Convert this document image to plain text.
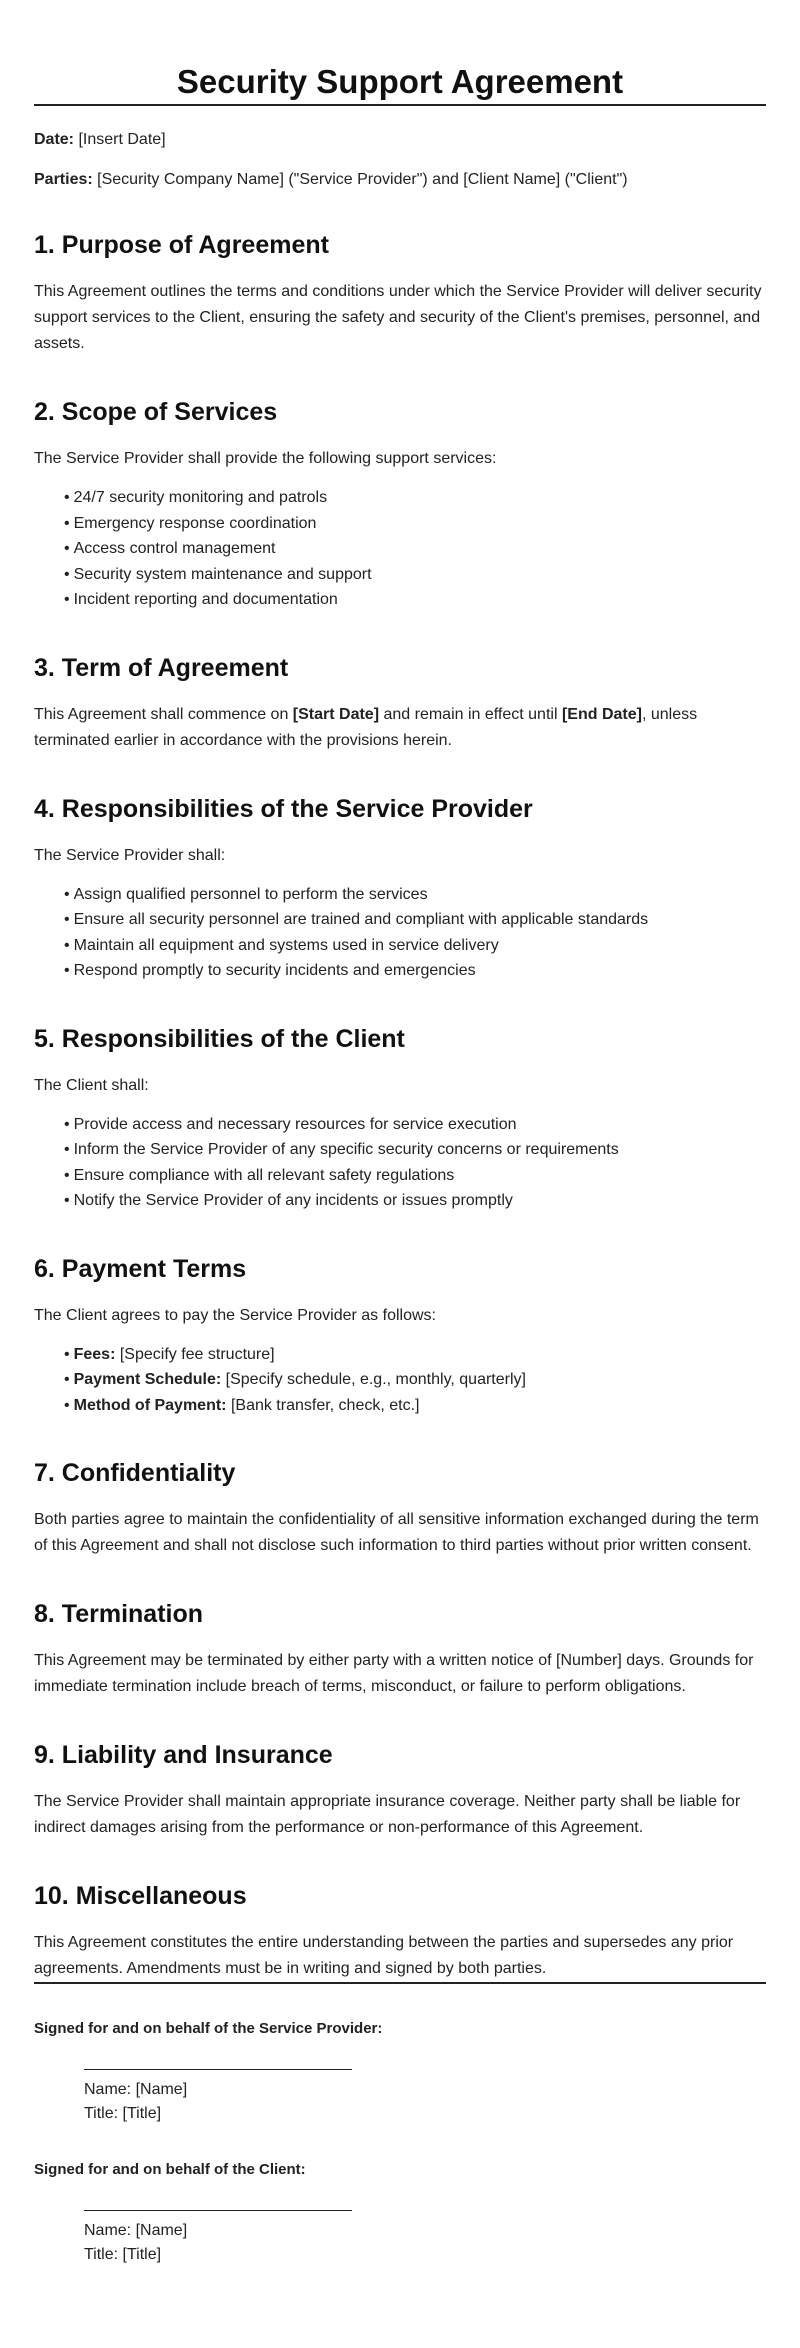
Security Support Agreement

Date: [Insert Date]

Parties: [Security Company Name] ("Service Provider") and [Client Name] ("Client")

1. Purpose of Agreement

This Agreement outlines the terms and conditions under which the Service Provider will deliver security support services to the Client, ensuring the safety and security of the Client's premises, personnel, and assets.

2. Scope of Services

The Service Provider shall provide the following support services:

• 24/7 security monitoring and patrols
• Emergency response coordination
• Access control management
• Security system maintenance and support
• Incident reporting and documentation
3. Term of Agreement

This Agreement shall commence on [Start Date] and remain in effect until [End Date], unless terminated earlier in accordance with the provisions herein.

4. Responsibilities of the Service Provider

The Service Provider shall:

• Assign qualified personnel to perform the services
• Ensure all security personnel are trained and compliant with applicable standards
• Maintain all equipment and systems used in service delivery
• Respond promptly to security incidents and emergencies
5. Responsibilities of the Client

The Client shall:

• Provide access and necessary resources for service execution
• Inform the Service Provider of any specific security concerns or requirements
• Ensure compliance with all relevant safety regulations
• Notify the Service Provider of any incidents or issues promptly
6. Payment Terms

The Client agrees to pay the Service Provider as follows:

• Fees: [Specify fee structure]
• Payment Schedule: [Specify schedule, e.g., monthly, quarterly]
• Method of Payment: [Bank transfer, check, etc.]
7. Confidentiality

Both parties agree to maintain the confidentiality of all sensitive information exchanged during the term of this Agreement and shall not disclose such information to third parties without prior written consent.

8. Termination

This Agreement may be terminated by either party with a written notice of [Number] days. Grounds for immediate termination include breach of terms, misconduct, or failure to perform obligations.

9. Liability and Insurance

The Service Provider shall maintain appropriate insurance coverage. Neither party shall be liable for indirect damages arising from the performance or non-performance of this Agreement.

10. Miscellaneous

This Agreement constitutes the entire understanding between the parties and supersedes any prior agreements. Amendments must be in writing and signed by both parties.

Signed for and on behalf of the Service Provider:

Name: [Name]
Title: [Title]

Signed for and on behalf of the Client:

Name: [Name]
Title: [Title]
